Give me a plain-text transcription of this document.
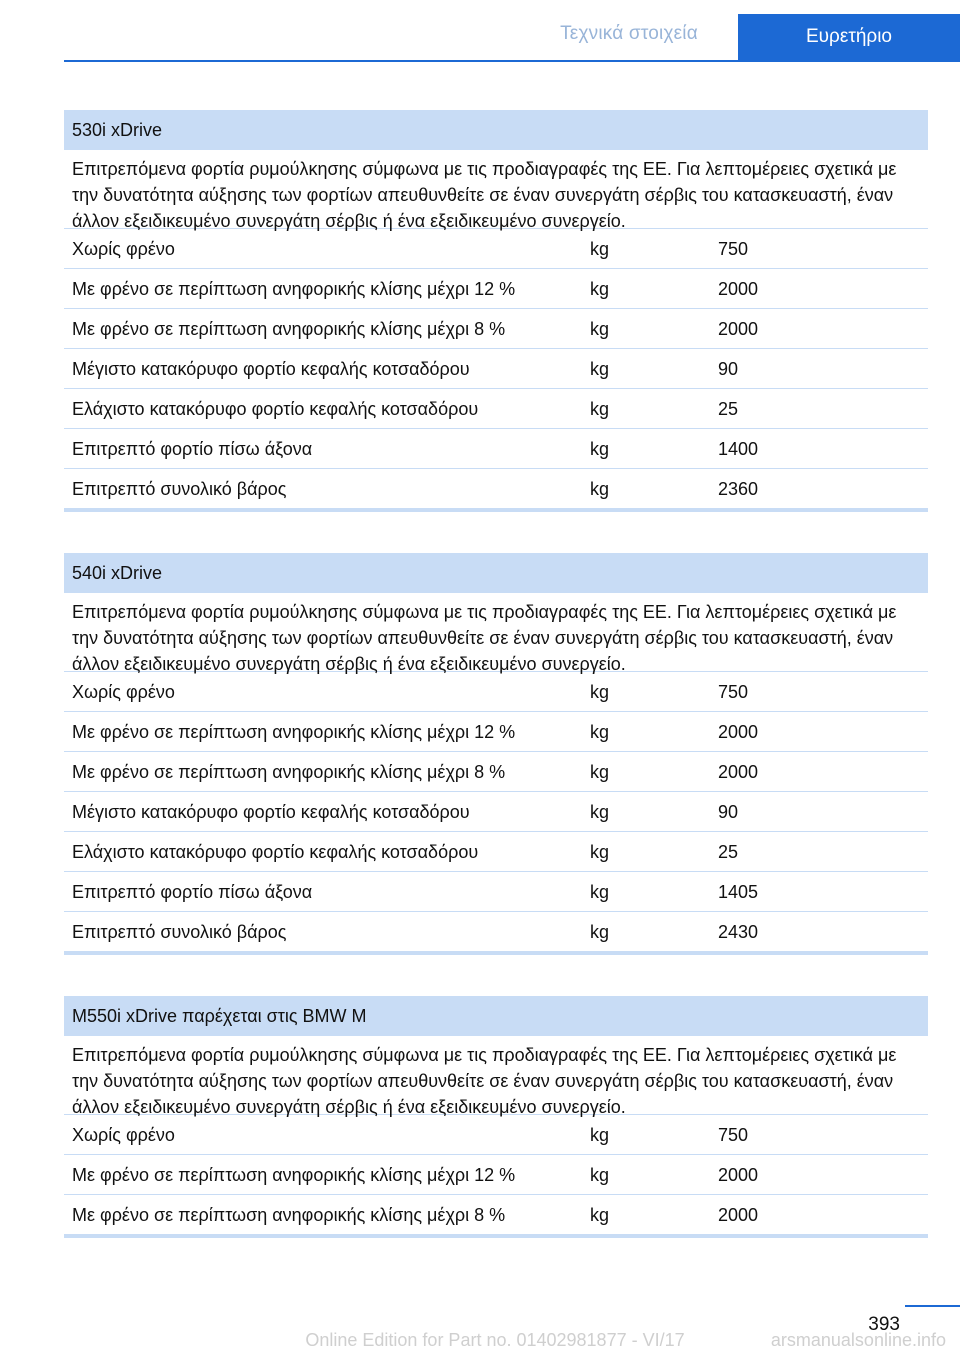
Τεχνικά στοιχεία	Ευρετήριο
530i xDrive
Επιτρεπόμενα φορτία ρυμούλκησης σύμφωνα με τις προδιαγραφές της ΕΕ. Για λεπτομέρειες σχετικά με την δυνατότητα αύξησης των φορτίων απευθυνθείτε σε έναν συνεργάτη σέρβις του κατασκευαστή, έναν άλλον εξειδικευμένο συνεργάτη σέρβις ή ένα εξειδικευμένο συνεργείο.
Χωρίς φρένο	kg	750
Με φρένο σε περίπτωση ανηφορικής κλίσης μέχρι 12 %	kg	2000
Με φρένο σε περίπτωση ανηφορικής κλίσης μέχρι 8 %	kg	2000
Μέγιστο κατακόρυφο φορτίο κεφαλής κοτσαδόρου	kg	90
Ελάχιστο κατακόρυφο φορτίο κεφαλής κοτσαδόρου	kg	25
Επιτρεπτό φορτίο πίσω άξονα	kg	1400
Επιτρεπτό συνολικό βάρος	kg	2360
540i xDrive
Επιτρεπόμενα φορτία ρυμούλκησης σύμφωνα με τις προδιαγραφές της ΕΕ. Για λεπτομέρειες σχετικά με την δυνατότητα αύξησης των φορτίων απευθυνθείτε σε έναν συνεργάτη σέρβις του κατασκευαστή, έναν άλλον εξειδικευμένο συνεργάτη σέρβις ή ένα εξειδικευμένο συνεργείο.
Χωρίς φρένο	kg	750
Με φρένο σε περίπτωση ανηφορικής κλίσης μέχρι 12 %	kg	2000
Με φρένο σε περίπτωση ανηφορικής κλίσης μέχρι 8 %	kg	2000
Μέγιστο κατακόρυφο φορτίο κεφαλής κοτσαδόρου	kg	90
Ελάχιστο κατακόρυφο φορτίο κεφαλής κοτσαδόρου	kg	25
Επιτρεπτό φορτίο πίσω άξονα	kg	1405
Επιτρεπτό συνολικό βάρος	kg	2430
M550i xDrive παρέχεται στις BMW M
Επιτρεπόμενα φορτία ρυμούλκησης σύμφωνα με τις προδιαγραφές της ΕΕ. Για λεπτομέρειες σχετικά με την δυνατότητα αύξησης των φορτίων απευθυνθείτε σε έναν συνεργάτη σέρβις του κατασκευαστή, έναν άλλον εξειδικευμένο συνεργάτη σέρβις ή ένα εξειδικευμένο συνεργείο.
Χωρίς φρένο	kg	750
Με φρένο σε περίπτωση ανηφορικής κλίσης μέχρι 12 %	kg	2000
Με φρένο σε περίπτωση ανηφορικής κλίσης μέχρι 8 %	kg	2000
393
Online Edition for Part no. 01402981877 - VI/17	arsmanualsonline.info
